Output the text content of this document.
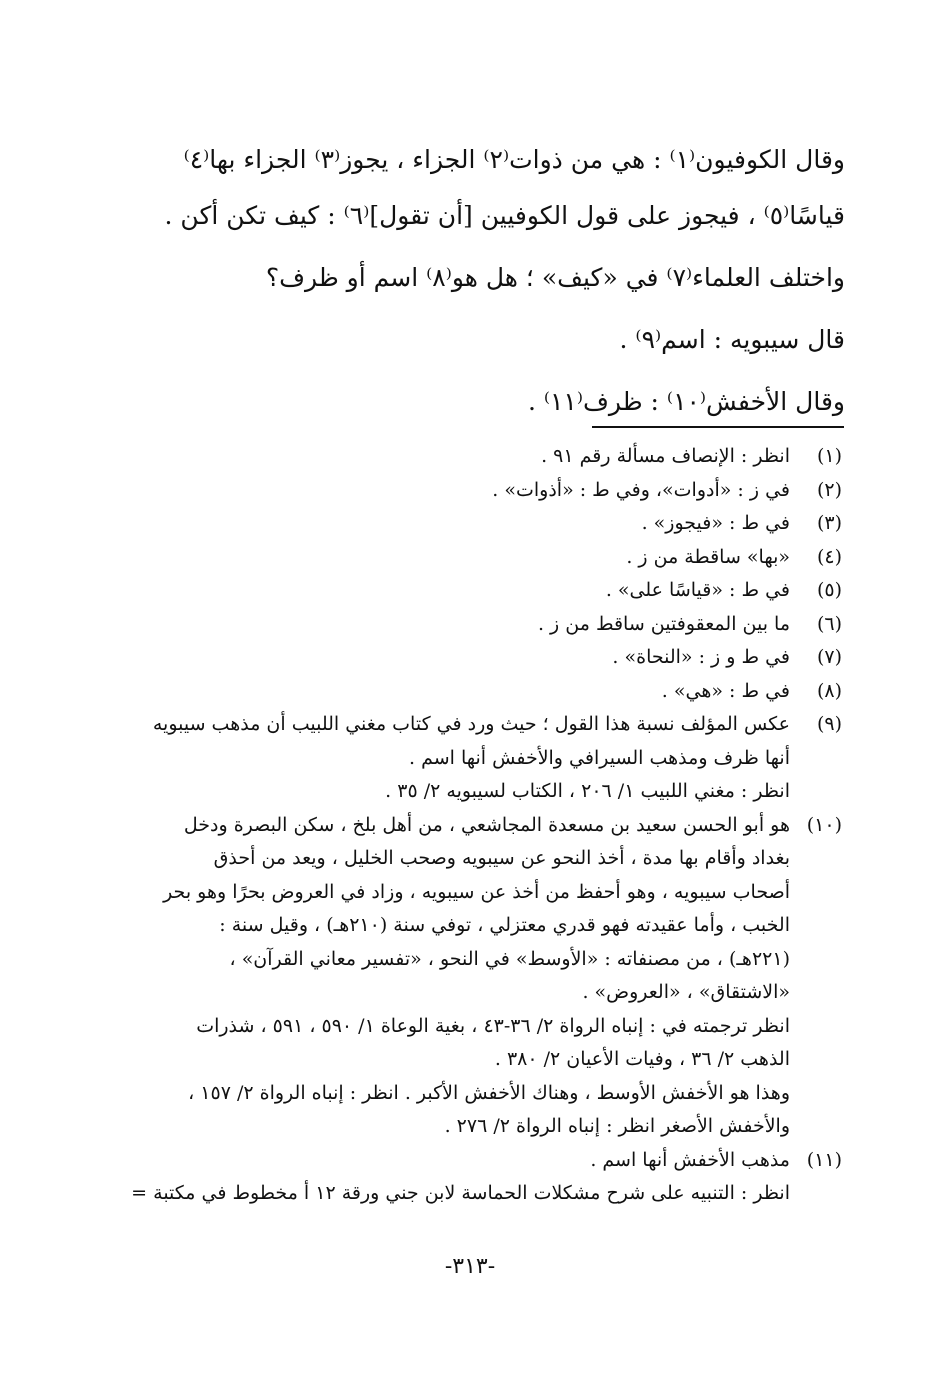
وقال الكوفيون⁽١⁾ : هي من ذوات⁽٢⁾ الجزاء ، يجوز⁽٣⁾ الجزاء بها⁽٤⁾

قياسًا⁽٥⁾ ، فيجوز على قول الكوفيين [أن تقول]⁽٦⁾ : كيف تكن أكن .

واختلف العلماء⁽٧⁾ في «كيف» ؛ هل هو⁽٨⁾ اسم أو ظرف؟

قال سيبويه : اسم⁽٩⁾ .

وقال الأخفش⁽١٠⁾ : ظرف⁽١١⁾ .

(١)
انظر : الإنصاف مسألة رقم ٩١ .
(٢)
في ز : «أدوات»، وفي ط : «أذوات» .
(٣)
في ط : «فيجوز» .
(٤)
«بها» ساقطة من ز .
(٥)
في ط : «قياسًا على» .
(٦)
ما بين المعقوفتين ساقط من ز .
(٧)
في ط و ز : «النحاة» .
(٨)
في ط : «هي» .
(٩)
عكس المؤلف نسبة هذا القول ؛ حيث ورد في كتاب مغني اللبيب أن مذهب سيبويه
أنها ظرف ومذهب السيرافي والأخفش أنها اسم .
انظر : مغني اللبيب ١/ ٢٠٦ ، الكتاب لسيبويه ٢/ ٣٥ .
(١٠)
هو أبو الحسن سعيد بن مسعدة المجاشعي ، من أهل بلخ ، سكن البصرة ودخل
بغداد وأقام بها مدة ، أخذ النحو عن سيبويه وصحب الخليل ، ويعد من أحذق
أصحاب سيبويه ، وهو أحفظ من أخذ عن سيبويه ، وزاد في العروض بحرًا وهو بحر
الخبب ، وأما عقيدته فهو قدري معتزلي ، توفي سنة (٢١٠هـ) ، وقيل سنة :
(٢٢١هـ) ، من مصنفاته : «الأوسط» في النحو ، «تفسير معاني القرآن» ،
«الاشتقاق» ، «العروض» .
انظر ترجمته في : إنباه الرواة ٢/ ٣٦-٤٣ ، بغية الوعاة ١/ ٥٩٠ ، ٥٩١ ، شذرات
الذهب ٢/ ٣٦ ، وفيات الأعيان ٢/ ٣٨٠ .
وهذا هو الأخفش الأوسط ، وهناك الأخفش الأكبر . انظر : إنباه الرواة ٢/ ١٥٧ ،
والأخفش الأصغر انظر : إنباه الرواة ٢/ ٢٧٦ .
(١١)
مذهب الأخفش أنها اسم .
انظر : التنبيه على شرح مشكلات الحماسة لابن جني ورقة ١٢ أ مخطوط في مكتبة =
-٣١٣-
